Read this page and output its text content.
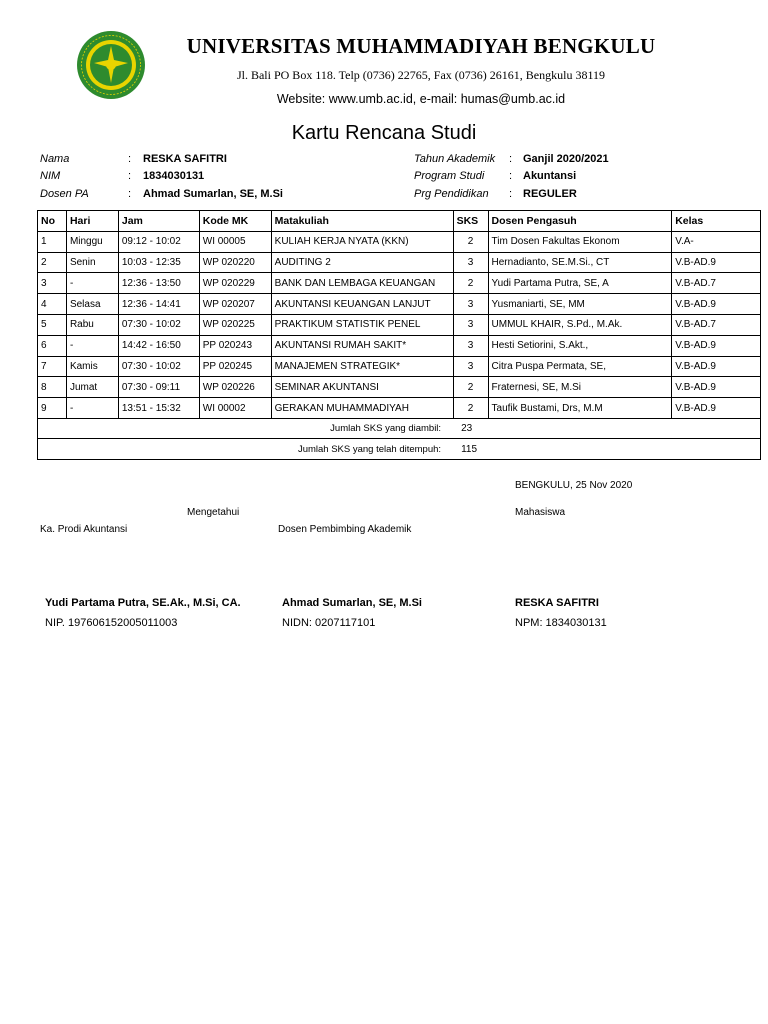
UNIVERSITAS MUHAMMADIYAH BENGKULU
Jl. Bali PO Box 118. Telp (0736) 22765, Fax (0736) 26161, Bengkulu 38119
Website: www.umb.ac.id, e-mail: humas@umb.ac.id
Kartu Rencana Studi
Nama	: RESKA SAFITRI
NIM	: 1834030131
Dosen PA	: Ahmad Sumarlan, SE, M.Si
Tahun Akademik : Ganjil 2020/2021
Program Studi : Akuntansi
Prg Pendidikan : REGULER
No	Hari	Jam	Kode MK	Matakuliah	SKS	Dosen Pengasuh	Kelas
1	Minggu	09:12 - 10:02	WI 00005	KULIAH KERJA NYATA (KKN)	2	Tim Dosen Fakultas Ekonom	V.A-
2	Senin	10:03 - 12:35	WP 020220	AUDITING 2	3	Hernadianto, SE.M.Si., CT	V.B-AD.9
3	-	12:36 - 13:50	WP 020229	BANK DAN LEMBAGA KEUANGAN	2	Yudi Partama Putra, SE, A	V.B-AD.7
4	Selasa	12:36 - 14:41	WP 020207	AKUNTANSI KEUANGAN LANJUT	3	Yusmaniarti, SE, MM	V.B-AD.9
5	Rabu	07:30 - 10:02	WP 020225	PRAKTIKUM STATISTIK PENEL	3	UMMUL KHAIR, S.Pd., M.Ak.	V.B-AD.7
6	-	14:42 - 16:50	PP 020243	AKUNTANSI RUMAH SAKIT*	3	Hesti Setiorini, S.Akt.,	V.B-AD.9
7	Kamis	07:30 - 10:02	PP 020245	MANAJEMEN STRATEGIK*	3	Citra Puspa Permata, SE,	V.B-AD.9
8	Jumat	07:30 - 09:11	WP 020226	SEMINAR AKUNTANSI	2	Fraternesi, SE, M.Si	V.B-AD.9
9	-	13:51 - 15:32	WI 00002	GERAKAN MUHAMMADIYAH	2	Taufik Bustami, Drs, M.M	V.B-AD.9
Jumlah SKS yang diambil:					23		
Jumlah SKS yang telah ditempuh:					115		
BENGKULU, 25 Nov 2020
Mengetahui	Mahasiswa
Ka. Prodi Akuntansi	Dosen Pembimbing Akademik
Yudi Partama Putra, SE.Ak., M.Si, CA.	Ahmad Sumarlan, SE, M.Si	RESKA SAFITRI
NIP. 197606152005011003	NIDN: 0207117101	NPM: 1834030131
